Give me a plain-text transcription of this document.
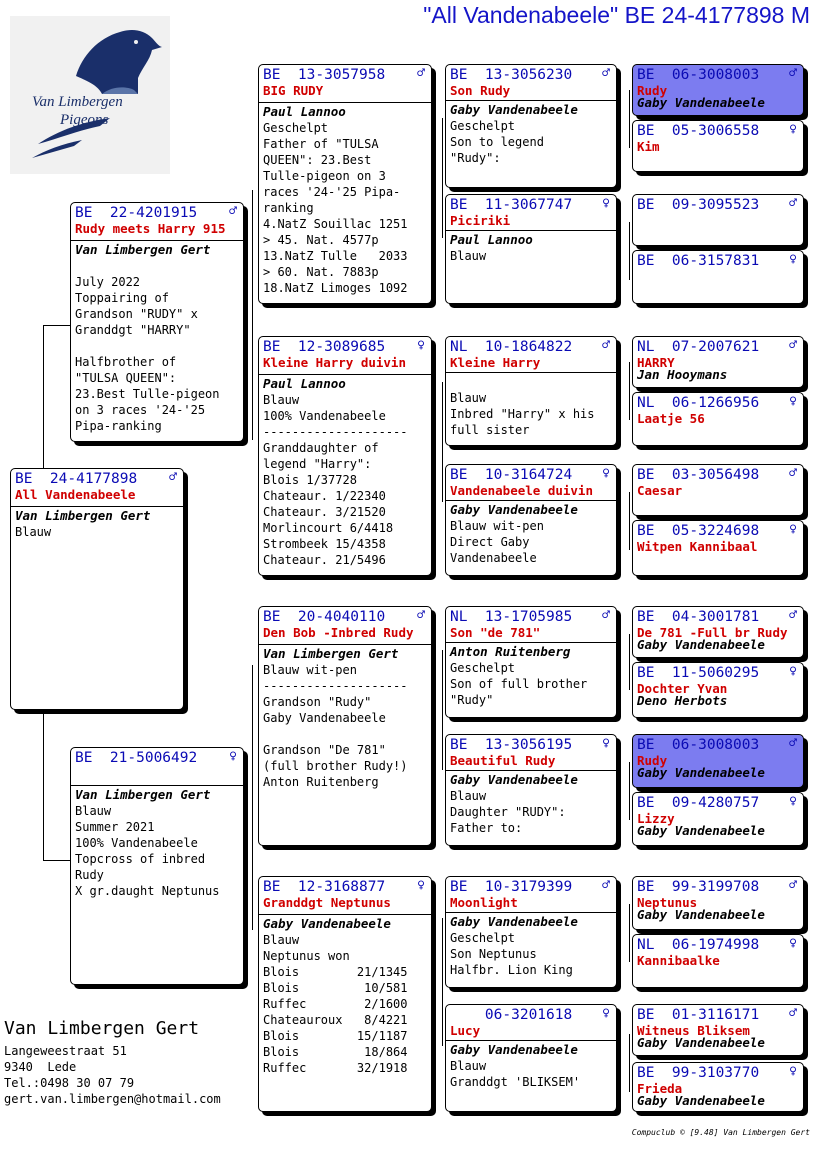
"All Vandenabeele" BE 24-4177898 M
Van Limbergen
Pigeons
BE  24-4177898 ♂
All Vandenabeele
Van Limbergen Gert
Blauw
BE  22-4201915 ♂
Rudy meets Harry 915
Van Limbergen Gert

July 2022
Toppairing of
Grandson "RUDY" x
Granddgt "HARRY"

Halfbrother of
"TULSA QUEEN":
23.Best Tulle-pigeon
on 3 races '24-'25
Pipa-ranking
BE  21-5006492 ♀
Van Limbergen Gert
Blauw
Summer 2021
100% Vandenabeele
Topcross of inbred
Rudy
X gr.daught Neptunus
BE  13-3057958 ♂
BIG RUDY
Paul Lannoo
Geschelpt
Father of "TULSA
QUEEN": 23.Best
Tulle-pigeon on 3
races '24-'25 Pipa-
ranking
4.NatZ Souillac 1251
> 45. Nat. 4577p
13.NatZ Tulle   2033
> 60. Nat. 7883p
18.NatZ Limoges 1092
BE  12-3089685 ♀
Kleine Harry duivin
Paul Lannoo
Blauw
100% Vandenabeele
--------------------
Granddaughter of
legend "Harry":
Blois 1/37728
Chateaur. 1/22340
Chateaur. 3/21520
Morlincourt 6/4418
Strombeek 15/4358
Chateaur. 21/5496
BE  20-4040110 ♂
Den Bob -Inbred Rudy
Van Limbergen Gert
Blauw wit-pen
--------------------
Grandson "Rudy"
Gaby Vandenabeele

Grandson "De 781"
(full brother Rudy!)
Anton Ruitenberg
BE  12-3168877 ♀
Granddgt Neptunus
Gaby Vandenabeele
Blauw
Neptunus won
Blois        21/1345
Blois         10/581
Ruffec        2/1600
Chateauroux   8/4221
Blois        15/1187
Blois         18/864
Ruffec       32/1918
BE  13-3056230 ♂
Son Rudy
Gaby Vandenabeele
Geschelpt
Son to legend
"Rudy":
BE  11-3067747 ♀
Piciriki
Paul Lannoo
Blauw
NL  10-1864822 ♂
Kleine Harry
Blauw
Inbred "Harry" x his
full sister
BE  10-3164724 ♀
Vandenabeele duivin
Gaby Vandenabeele
Blauw wit-pen
Direct Gaby
Vandenabeele
NL  13-1705985 ♂
Son "de 781"
Anton Ruitenberg
Geschelpt
Son of full brother
"Rudy"
BE  13-3056195 ♀
Beautiful Rudy
Gaby Vandenabeele
Blauw
Daughter "RUDY":
Father to:
BE  10-3179399 ♂
Moonlight
Gaby Vandenabeele
Geschelpt
Son Neptunus
Halfbr. Lion King
06-3201618 ♀
Lucy
Gaby Vandenabeele
Blauw
Granddgt 'BLIKSEM'
BE  06-3008003 ♂
Rudy
Gaby Vandenabeele
BE  05-3006558 ♀
Kim
BE  09-3095523 ♂
BE  06-3157831 ♀
NL  07-2007621 ♂
HARRY
Jan Hooymans
NL  06-1266956 ♀
Laatje 56
BE  03-3056498 ♂
Caesar
BE  05-3224698 ♀
Witpen Kannibaal
BE  04-3001781 ♂
De 781 -Full br Rudy
Gaby Vandenabeele
BE  11-5060295 ♀
Dochter Yvan
Deno Herbots
BE  06-3008003 ♂
Rudy
Gaby Vandenabeele
BE  09-4280757 ♀
Lizzy
Gaby Vandenabeele
BE  99-3199708 ♂
Neptunus
Gaby Vandenabeele
NL  06-1974998 ♀
Kannibaalke
BE  01-3116171 ♂
Witneus Bliksem
Gaby Vandenabeele
BE  99-3103770 ♀
Frieda
Gaby Vandenabeele
Van Limbergen Gert
Langeweestraat 51
9340  Lede
Tel.:0498 30 07 79
gert.van.limbergen@hotmail.com
Compuclub © [9.48] Van Limbergen Gert
